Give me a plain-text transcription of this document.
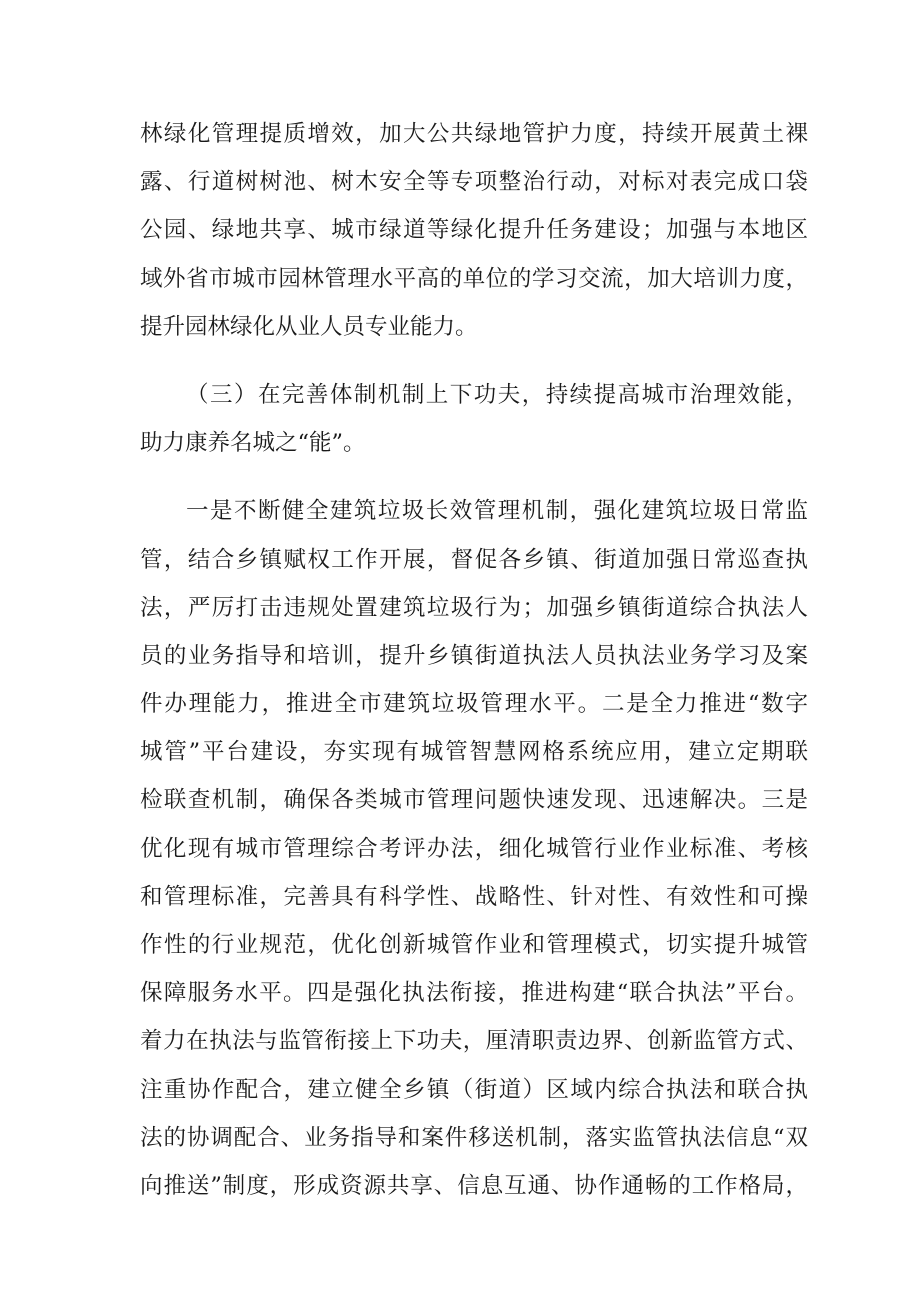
林绿化管理提质增效，加大公共绿地管护力度，持续开展黄土裸
露、行道树树池、树木安全等专项整治行动，对标对表完成口袋
公园、绿地共享、城市绿道等绿化提升任务建设；加强与本地区
域外省市城市园林管理水平高的单位的学习交流，加大培训力度，
提升园林绿化从业人员专业能力。
（三）在完善体制机制上下功夫，持续提高城市治理效能，
助力康养名城之“能”。
一是不断健全建筑垃圾长效管理机制，强化建筑垃圾日常监
管，结合乡镇赋权工作开展，督促各乡镇、街道加强日常巡查执
法，严厉打击违规处置建筑垃圾行为；加强乡镇街道综合执法人
员的业务指导和培训，提升乡镇街道执法人员执法业务学习及案
件办理能力，推进全市建筑垃圾管理水平。二是全力推进“数字
城管”平台建设，夯实现有城管智慧网格系统应用，建立定期联
检联查机制，确保各类城市管理问题快速发现、迅速解决。三是
优化现有城市管理综合考评办法，细化城管行业作业标准、考核
和管理标准，完善具有科学性、战略性、针对性、有效性和可操
作性的行业规范，优化创新城管作业和管理模式，切实提升城管
保障服务水平。四是强化执法衔接，推进构建“联合执法”平台。
着力在执法与监管衔接上下功夫，厘清职责边界、创新监管方式、
注重协作配合，建立健全乡镇（街道）区域内综合执法和联合执
法的协调配合、业务指导和案件移送机制，落实监管执法信息“双
向推送”制度，形成资源共享、信息互通、协作通畅的工作格局，
